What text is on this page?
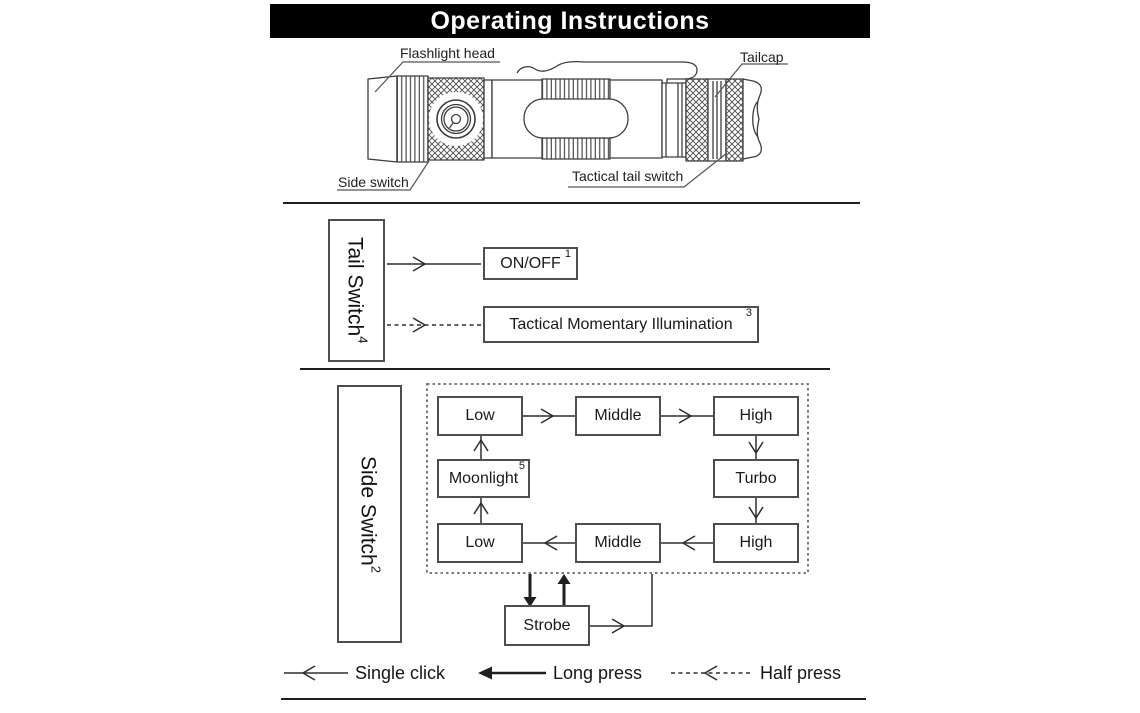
Operating Instructions
Flashlight head	Tailcap
Side switch	Tactical tail switch
Tail Switch$^4$
ON/OFF
1
Tactical Momentary Illumination
3
Side Switch$^2$
Low	Middle	High
Turbo
High
Middle
Low
Moonlight
5
Strobe
Single click	Long press	Half press
